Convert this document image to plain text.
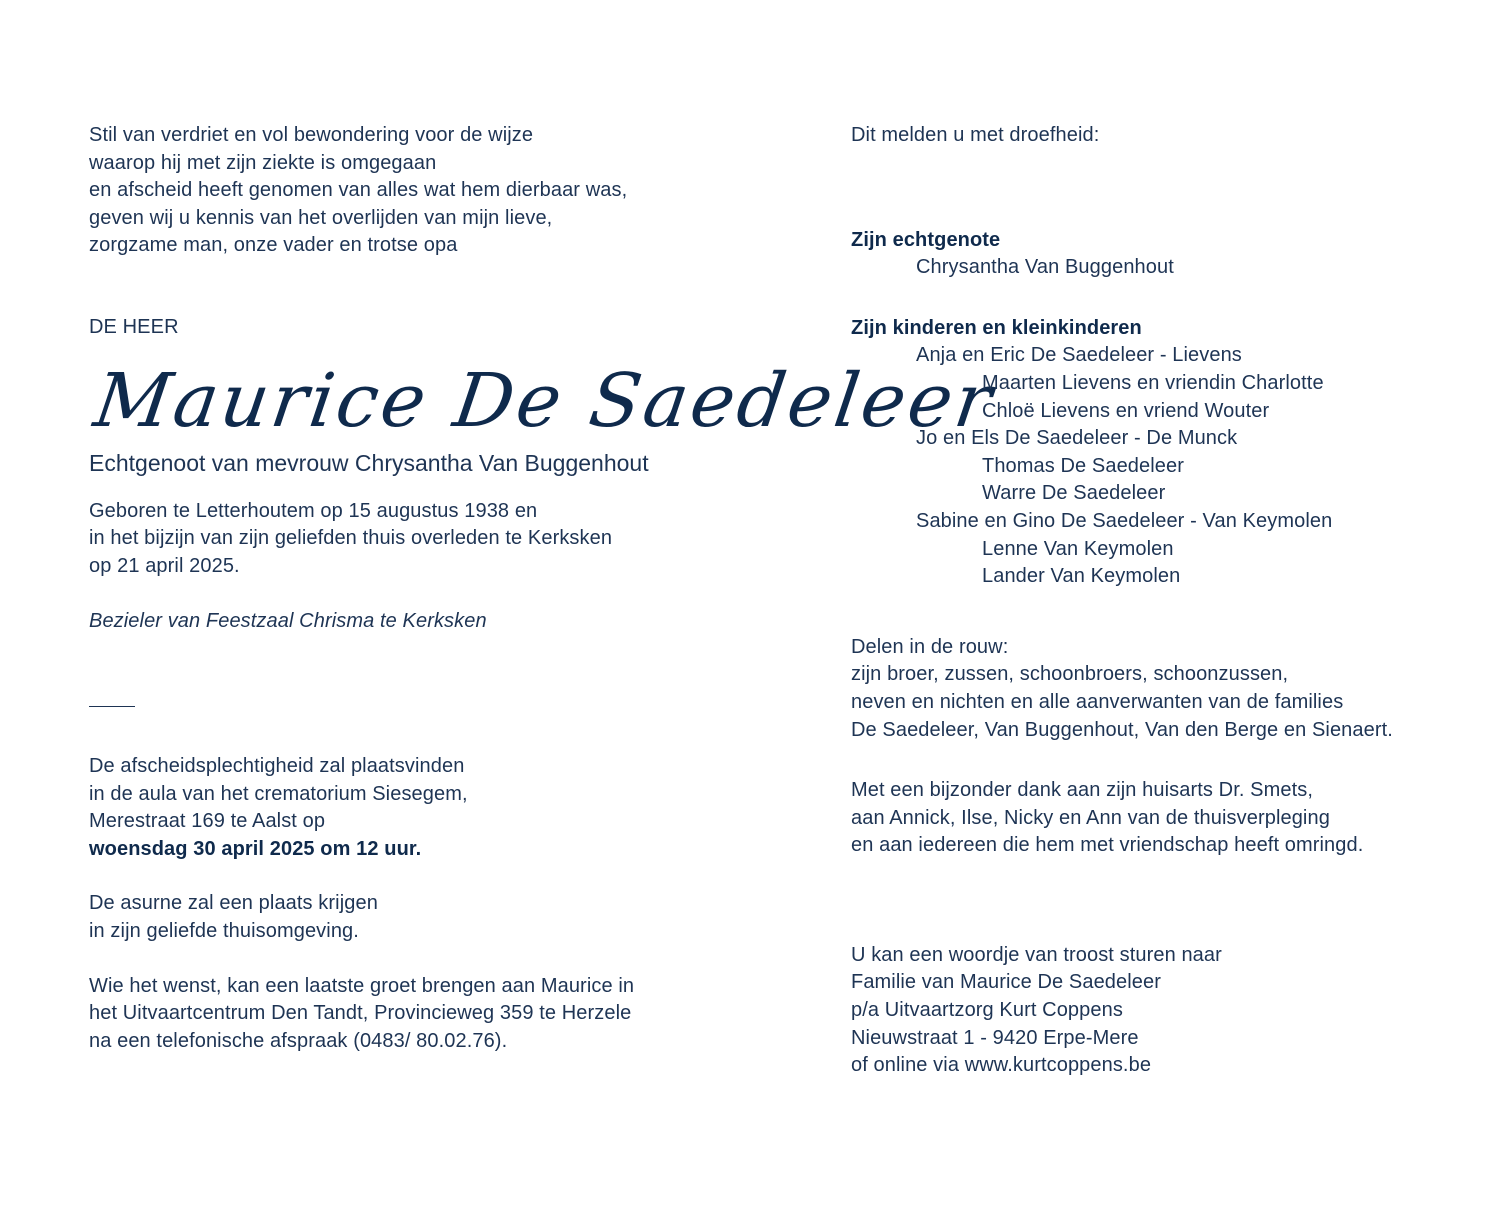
Stil van verdriet en vol bewondering voor de wijze
waarop hij met zijn ziekte is omgegaan
en afscheid heeft genomen van alles wat hem dierbaar was,
geven wij u kennis van het overlijden van mijn lieve,
zorgzame man, onze vader en trotse opa
DE HEER
Maurice De Saedeleer
Echtgenoot van mevrouw Chrysantha Van Buggenhout
Geboren te Letterhoutem op 15 augustus 1938 en
in het bijzijn van zijn geliefden thuis overleden te Kerksken
op 21 april 2025.
Bezieler van Feestzaal Chrisma te Kerksken
De afscheidsplechtigheid zal plaatsvinden
in de aula van het crematorium Siesegem,
Merestraat 169 te Aalst op
woensdag 30 april 2025 om 12 uur.
De asurne zal een plaats krijgen
in zijn geliefde thuisomgeving.
Wie het wenst, kan een laatste groet brengen aan Maurice in
het Uitvaartcentrum Den Tandt, Provincieweg 359 te Herzele
na een telefonische afspraak (0483/ 80.02.76).
Dit melden u met droefheid:
Zijn echtgenote
Chrysantha Van Buggenhout
Zijn kinderen en kleinkinderen
Anja en Eric De Saedeleer - Lievens
Maarten Lievens en vriendin Charlotte
Chloë Lievens en vriend Wouter
Jo en Els De Saedeleer - De Munck
Thomas De Saedeleer
Warre De Saedeleer
Sabine en Gino De Saedeleer - Van Keymolen
Lenne Van Keymolen
Lander Van Keymolen
Delen in de rouw:
zijn broer, zussen, schoonbroers, schoonzussen,
neven en nichten en alle aanverwanten van de families
De Saedeleer, Van Buggenhout, Van den Berge en Sienaert.
Met een bijzonder dank aan zijn huisarts Dr. Smets,
aan Annick, Ilse, Nicky en Ann van de thuisverpleging
en aan iedereen die hem met vriendschap heeft omringd.
U kan een woordje van troost sturen naar
Familie van Maurice De Saedeleer
p/a Uitvaartzorg Kurt Coppens
Nieuwstraat 1 - 9420 Erpe-Mere
of online via www.kurtcoppens.be
